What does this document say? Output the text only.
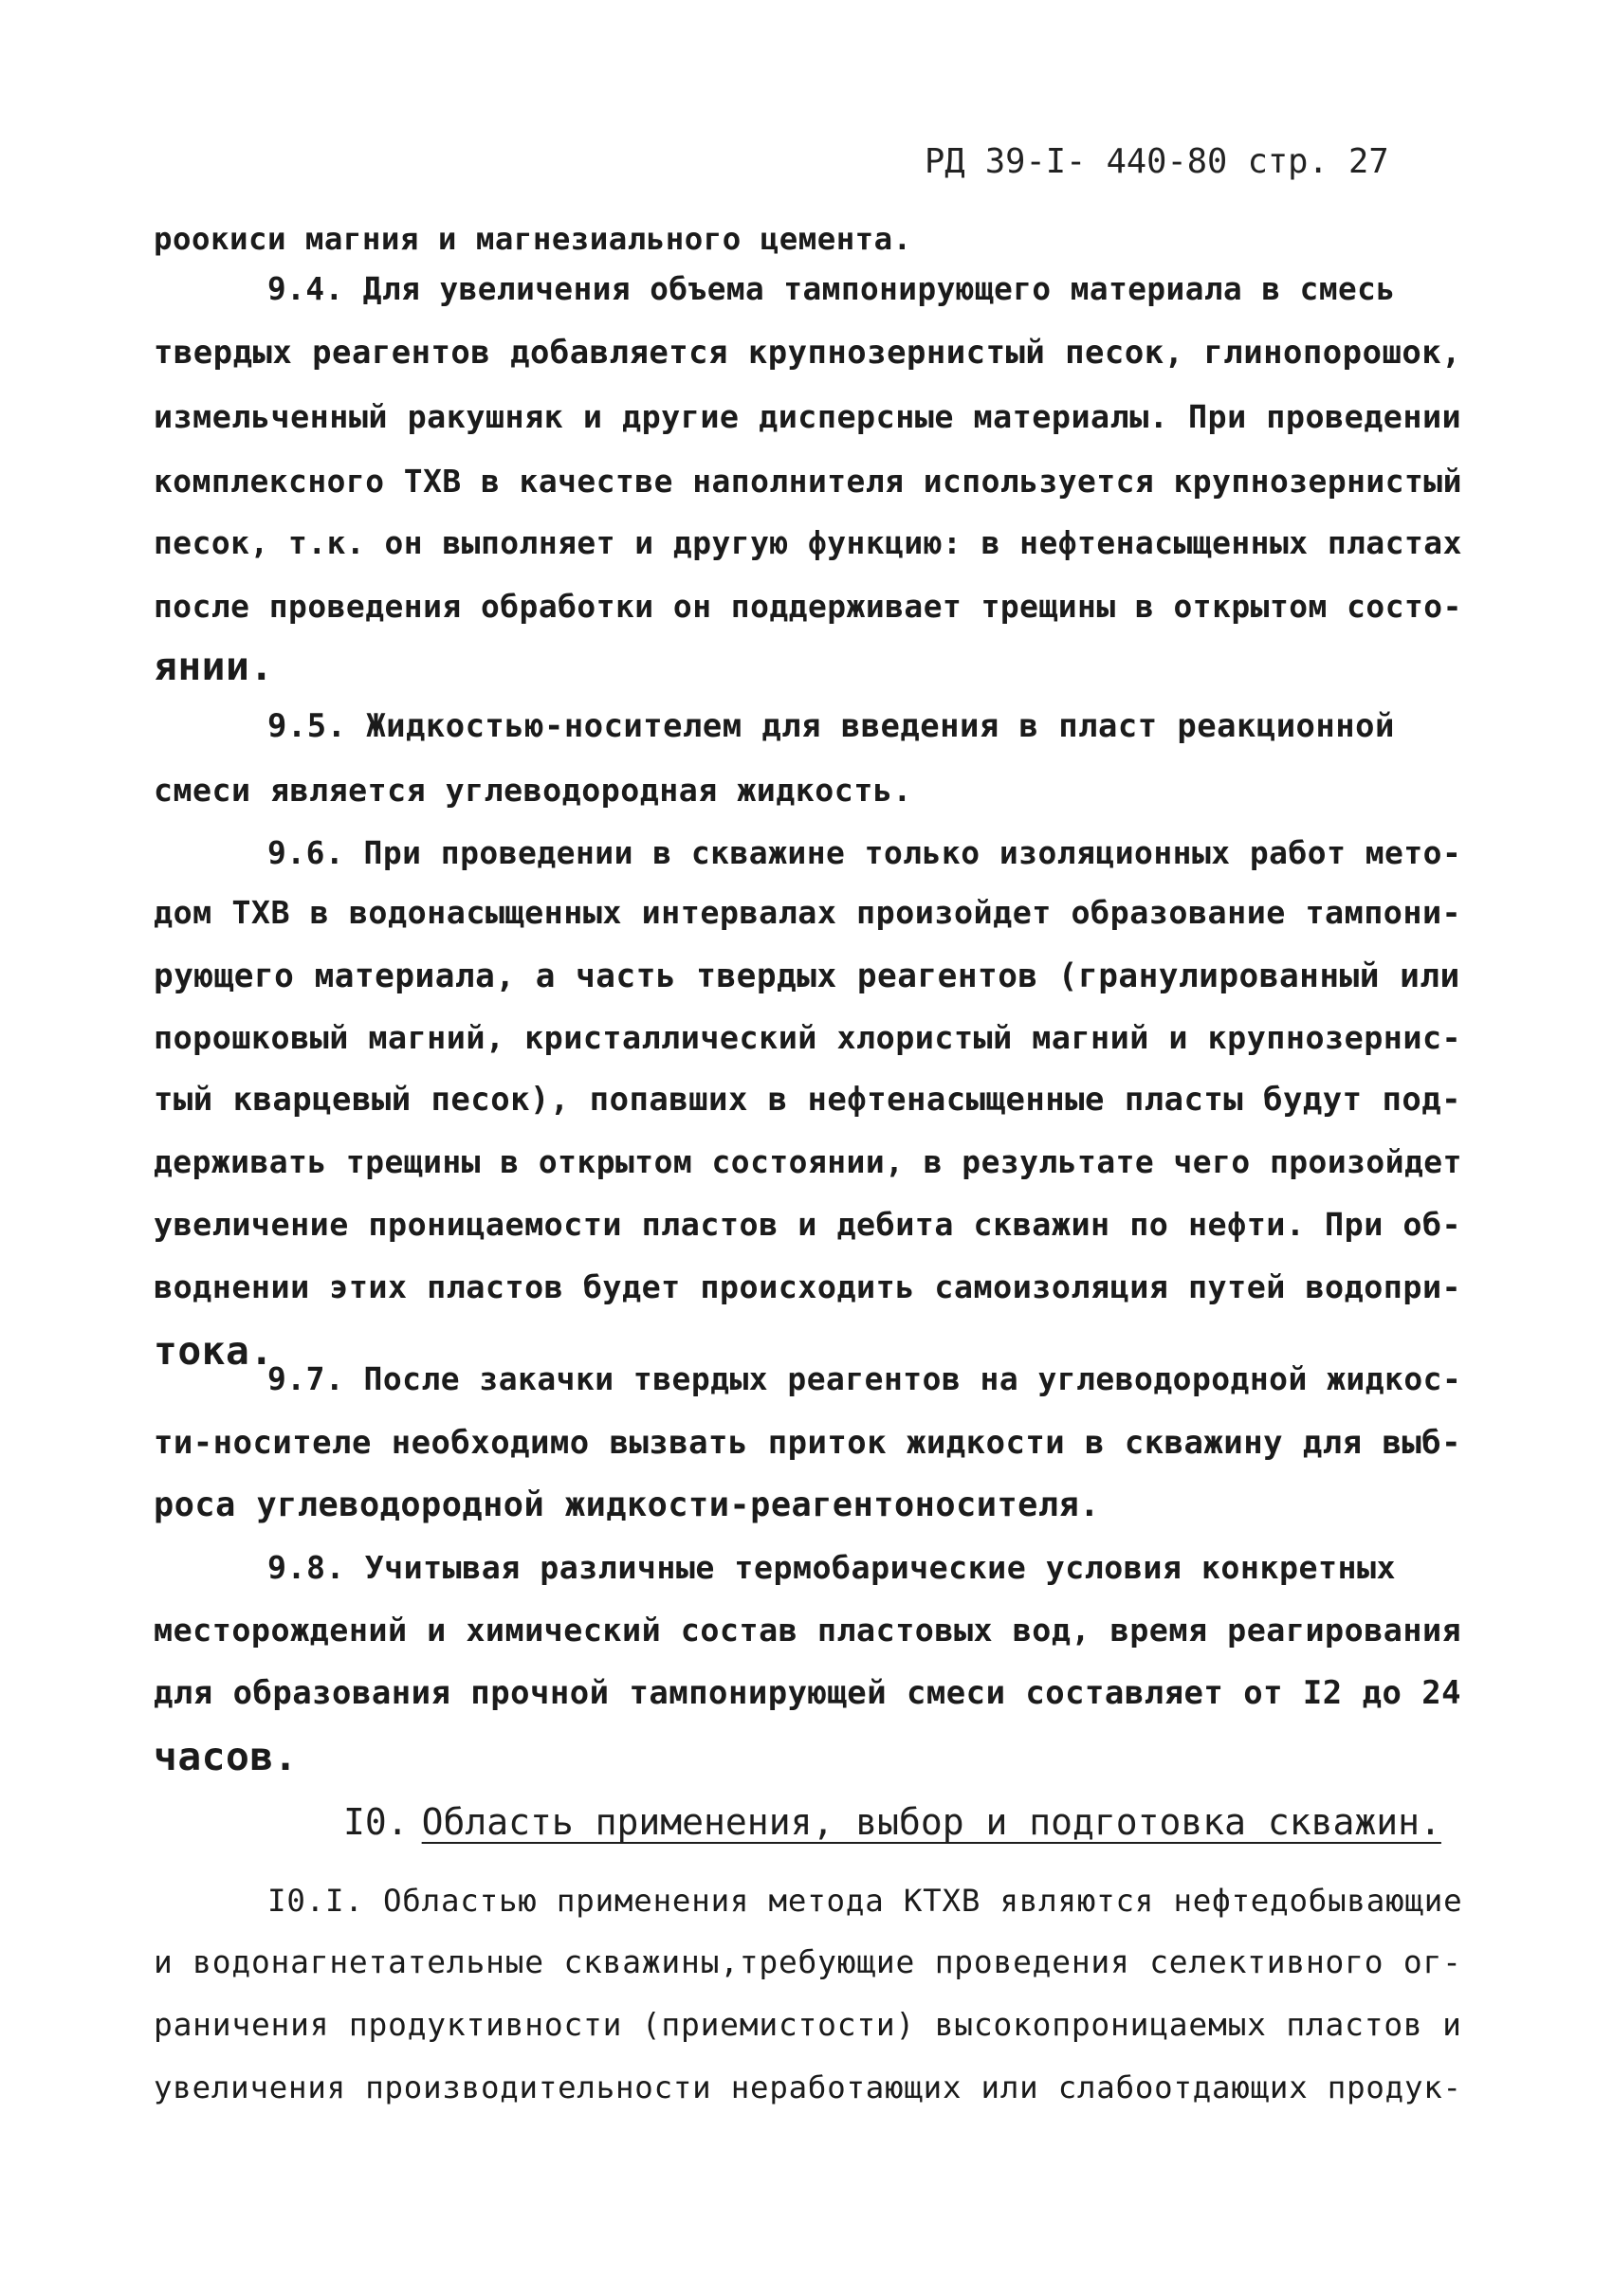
РД 39-I- 440-80 стр. 27
роокиси магния и магнезиального цемента.
9.4. Для увеличения объема тампонирующего материала в смесь
твердых реагентов добавляется крупнозернистый песок, глинопорошок,
измельченный ракушняк и другие дисперсные материалы. При проведении
комплексного ТХВ в качестве наполнителя используется крупнозернистый
песок, т.к. он выполняет и другую функцию: в нефтенасыщенных пластах
после проведения обработки он поддерживает трещины в открытом состо-
янии.
9.5. Жидкостью-носителем для введения в пласт реакционной
смеси является углеводородная жидкость.
9.6. При проведении в скважине только изоляционных работ мето-
дом ТХВ в водонасыщенных интервалах произойдет образование тампони-
рующего материала, а часть твердых реагентов (гранулированный или
порошковый магний, кристаллический хлористый магний и крупнозернис-
тый кварцевый песок), попавших в нефтенасыщенные пласты будут под-
держивать трещины в открытом состоянии, в результате чего произойдет
увеличение проницаемости пластов и дебита скважин по нефти. При об-
воднении этих пластов будет происходить самоизоляция путей водопри-
тока.
9.7. После закачки твердых реагентов на углеводородной жидкос-
ти-носителе необходимо вызвать приток жидкости в скважину для выб-
роса углеводородной жидкости-реагентоносителя.
9.8. Учитывая различные термобарические условия конкретных
месторождений и химический состав пластовых вод, время реагирования
для образования прочной тампонирующей смеси составляет от I2 до 24
часов.
I0. Область применения, выбор и подготовка скважин.
I0.I. Областью применения метода КТХВ являются нефтедобывающие
и водонагнетательные скважины,требующие проведения селективного ог-
раничения продуктивности (приемистости) высокопроницаемых пластов и
увеличения производительности неработающих или слабоотдающих продук-
